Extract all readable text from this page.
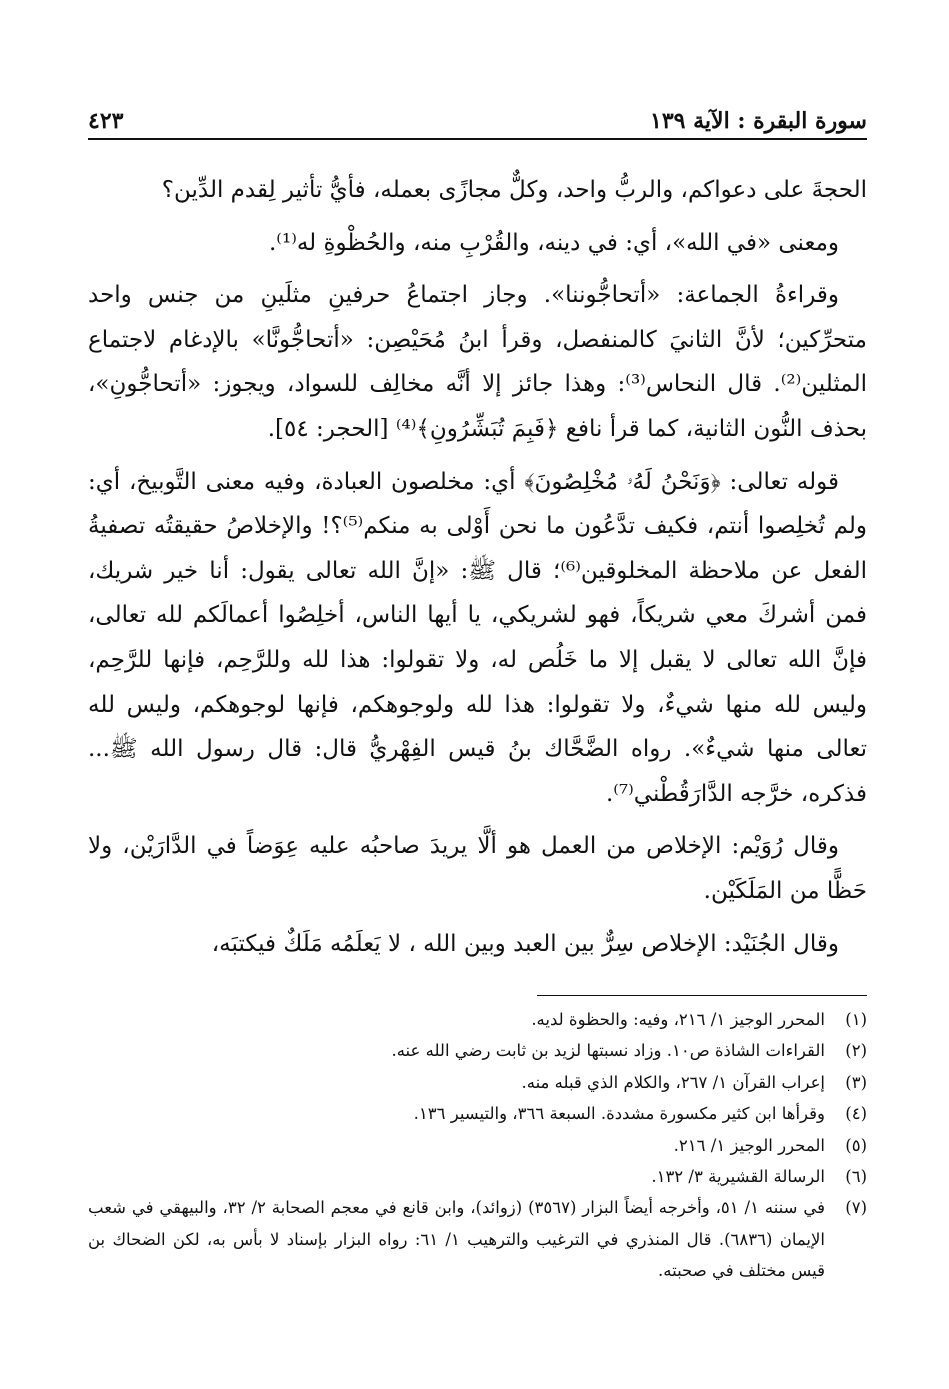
سورة البقرة : الآية ١٣٩
٤٢٣

الحجةَ على دعواكم، والربُّ واحد، وكلٌّ مجازًى بعمله، فأيُّ تأثير لِقدم الدِّين؟

ومعنى «في الله»، أي: في دينه، والقُرْبِ منه، والحُظْوةِ له⁽¹⁾.

وقراءةُ الجماعة: «أتحاجُّوننا». وجاز اجتماعُ حرفينِ مثلَينِ من جنس واحد متحرِّكين؛ لأنَّ الثانيَ كالمنفصل، وقرأ ابنُ مُحَيْصِن: «أتحاجُّونَّا» بالإدغام لاجتماع المثلين⁽²⁾. قال النحاس⁽³⁾: وهذا جائز إلا أنَّه مخالِف للسواد، ويجوز: «أتحاجُّونِ»، بحذف النُّون الثانية، كما قرأ نافع ﴿فَبِمَ تُبَشِّرُونِ﴾⁽⁴⁾ [الحجر: ٥٤].

قوله تعالى: ﴿وَنَحْنُ لَهُۥ مُخْلِصُونَ﴾ أي: مخلصون العبادة، وفيه معنى التَّوبيخ، أي: ولم تُخلِصوا أنتم، فكيف تدَّعُون ما نحن أَوْلى به منكم⁽⁵⁾؟! والإخلاصُ حقيقتُه تصفيةُ الفعل عن ملاحظة المخلوقين⁽⁶⁾؛ قال ﷺ: «إنَّ الله تعالى يقول: أنا خير شريك، فمن أشركَ معي شريكاً، فهو لشريكي، يا أيها الناس، أخلِصُوا أعمالَكم لله تعالى، فإنَّ الله تعالى لا يقبل إلا ما خَلُص له، ولا تقولوا: هذا لله وللرَّحِم، فإنها للرَّحِم، وليس لله منها شيءٌ، ولا تقولوا: هذا لله ولوجوهكم، فإنها لوجوهكم، وليس لله تعالى منها شيءٌ». رواه الضَّحَّاك بنُ قيس الفِهْريُّ قال: قال رسول الله ﷺ... فذكره، خرَّجه الدَّارَقُطْني⁽⁷⁾.

وقال رُوَيْم: الإخلاص من العمل هو ألَّا يريدَ صاحبُه عليه عِوَضاً في الدَّارَيْن، ولا حَظًّا من المَلَكَيْن.

وقال الجُنَيْد: الإخلاص سِرٌّ بين العبد وبين الله ، لا يَعلَمُه مَلَكٌ فيكتبَه،

(١)
المحرر الوجيز ١/ ٢١٦، وفيه: والحظوة لديه.
(٢)
القراءات الشاذة ص١٠. وزاد نسبتها لزيد بن ثابت رضي الله عنه.
(٣)
إعراب القرآن ١/ ٢٦٧، والكلام الذي قبله منه.
(٤)
وقرأها ابن كثير مكسورة مشددة. السبعة ٣٦٦، والتيسير ١٣٦.
(٥)
المحرر الوجيز ١/ ٢١٦.
(٦)
الرسالة القشيرية ٣/ ١٣٢.
(٧)
في سننه ١/ ٥١، وأخرجه أيضاً البزار (٣٥٦٧) (زوائد)، وابن قانع في معجم الصحابة ٢/ ٣٢، والبيهقي في شعب الإيمان (٦٨٣٦). قال المنذري في الترغيب والترهيب ١/ ٦١: رواه البزار بإسناد لا بأس به، لكن الضحاك بن قيس مختلف في صحبته.
